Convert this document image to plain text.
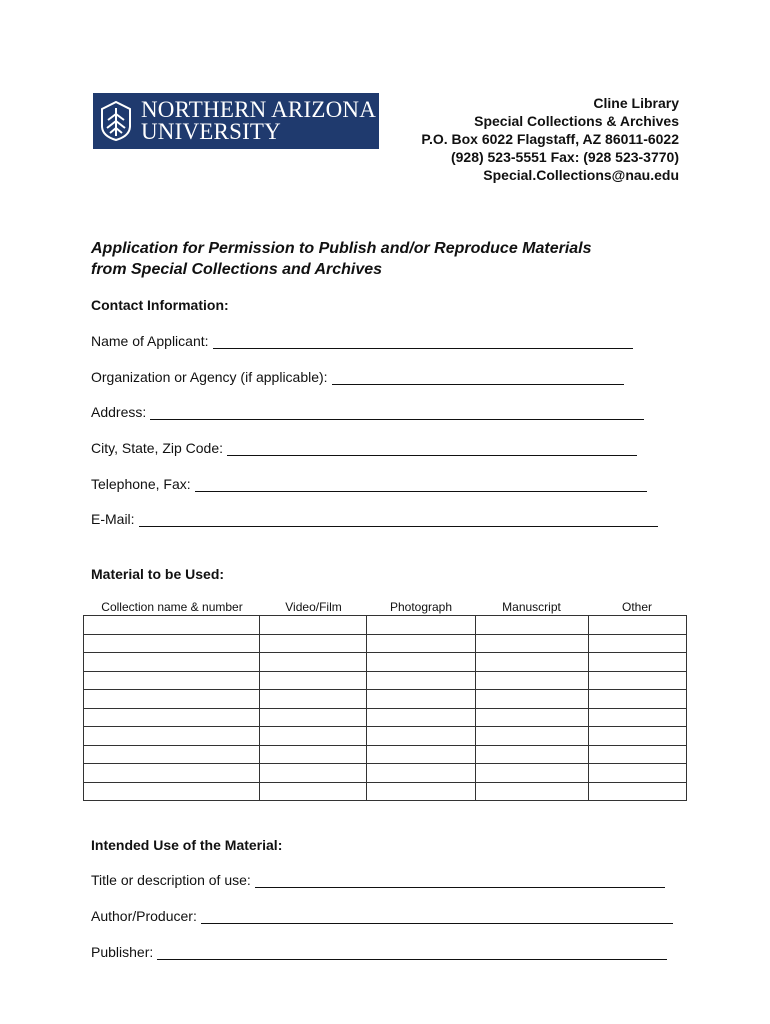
NORTHERN ARIZONA
UNIVERSITY
Cline Library
Special Collections & Archives
P.O. Box 6022 Flagstaff, AZ 86011-6022
(928) 523-5551 Fax: (928 523-3770)
Special.Collections@nau.edu
Application for Permission to Publish and/or Reproduce Materials
from Special Collections and Archives
Contact Information:
Name of Applicant:
Organization or Agency (if applicable):
Address:
City, State, Zip Code:
Telephone, Fax:
E-Mail:
Material to be Used:
Collection name & number	Video/Film	Photograph	Manuscript	Other

Intended Use of the Material:
Title or description of use:
Author/Producer:
Publisher:
